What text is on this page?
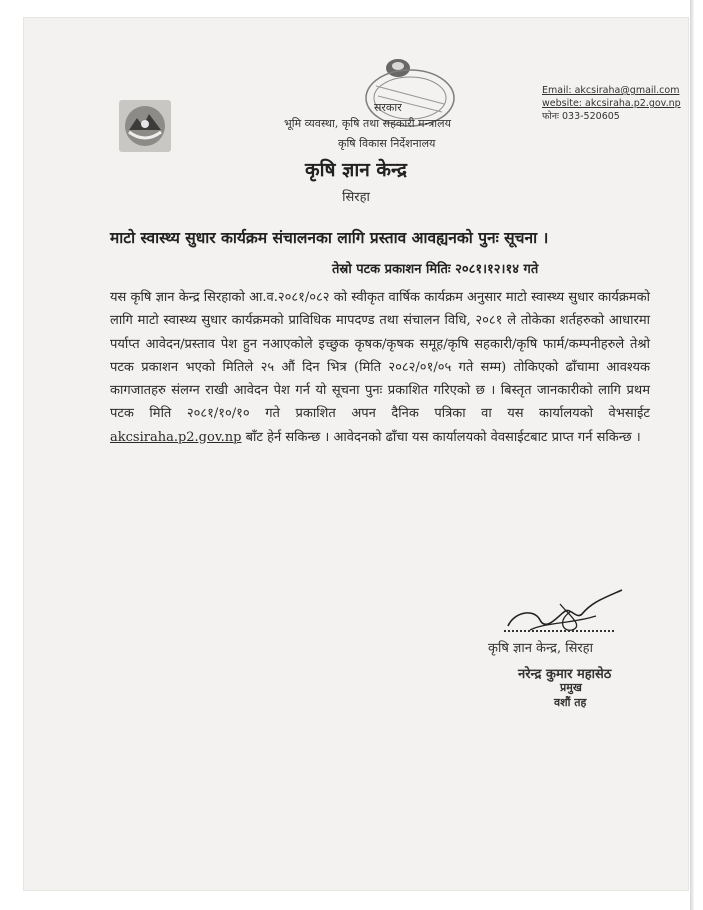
सरकार
भूमि व्यवस्था, कृषि तथा सहकारी मन्त्रालय
कृषि विकास निर्देशनालय
कृषि ज्ञान केन्द्र
सिरहा
Email: akcsiraha@gmail.com
website: akcsiraha.p2.gov.np
फोनः 033-520605
माटो स्वास्थ्य सुधार कार्यक्रम संचालनका लागि प्रस्ताव आवह्यनको पुनः सूचना ।
तेस्रो पटक प्रकाशन मितिः २०८१।१२।१४ गते
यस कृषि ज्ञान केन्द्र सिरहाको आ.व.२०८१/०८२ को स्वीकृत वार्षिक कार्यक्रम अनुसार माटो स्वास्थ्य सुधार कार्यक्रमको लागि माटो स्वास्थ्य सुधार कार्यक्रमको प्राविधिक मापदण्ड तथा संचालन विधि, २०८१ ले तोकेका शर्तहरुको आधारमा पर्याप्त आवेदन/प्रस्ताव पेश हुन नआएकोले इच्छुक कृषक/कृषक समूह/कृषि सहकारी/कृषि फार्म/कम्पनीहरुले तेश्रो पटक प्रकाशन भएको मितिले २५ औं दिन भित्र (मिति २०८२/०१/०५ गते सम्म) तोकिएको ढाँचामा आवश्यक कागजातहरु संलग्न राखी आवेदन पेश गर्न यो सूचना पुनः प्रकाशित गरिएको छ । बिस्तृत जानकारीको लागि प्रथम पटक मिति २०८१/१०/१० गते प्रकाशित अपन दैनिक पत्रिका वा यस कार्यालयको वेभसाईट akcsiraha.p2.gov.np बाँट हेर्न सकिन्छ । आवेदनको ढाँचा यस कार्यालयको वेवसाईटबाट प्राप्त गर्न सकिन्छ ।
कृषि ज्ञान केन्द्र, सिरहा
नरेन्द्र कुमार महासेठ
प्रमुख
वशौं तह
